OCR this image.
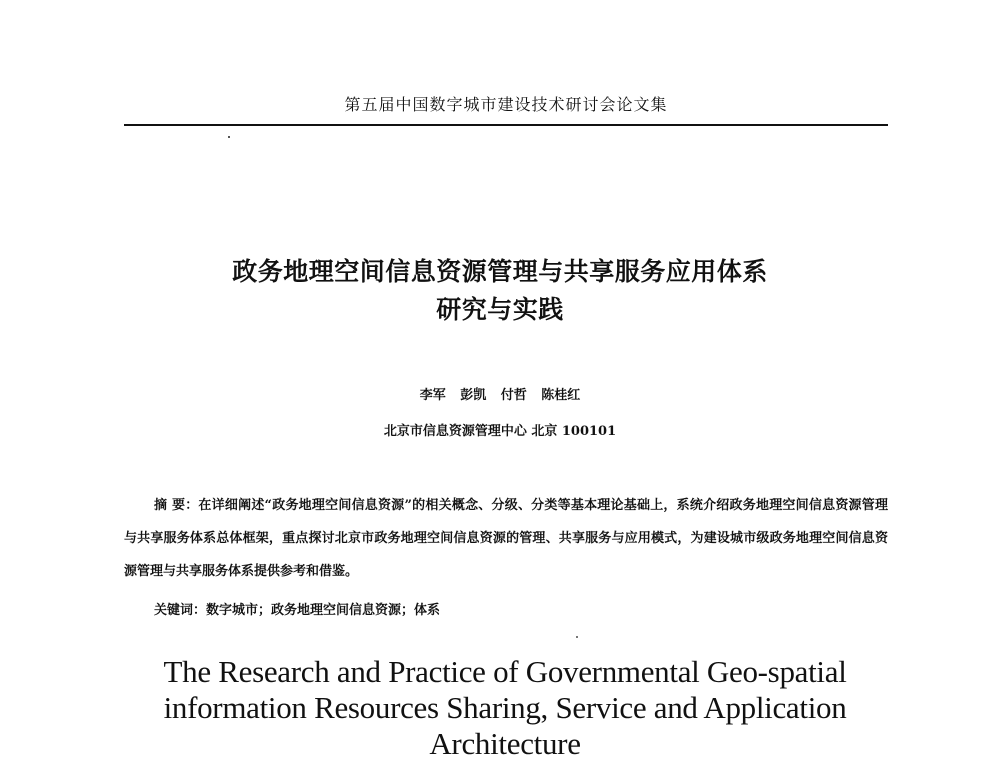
第五届中国数字城市建设技术研讨会论文集
政务地理空间信息资源管理与共享服务应用体系
研究与实践
李军 彭凯 付哲 陈桂红
北京市信息资源管理中心 北京 100101
摘 要：在详细阐述“政务地理空间信息资源”的相关概念、分级、分类等基本理论基础上，系统介绍政务地理空间信息资源管理与共享服务体系总体框架，重点探讨北京市政务地理空间信息资源的管理、共享服务与应用模式，为建设城市级政务地理空间信息资源管理与共享服务体系提供参考和借鉴。
关键词：数字城市；政务地理空间信息资源；体系
The Research and Practice of Governmental Geo-spatial
information Resources Sharing, Service and Application
Architecture
